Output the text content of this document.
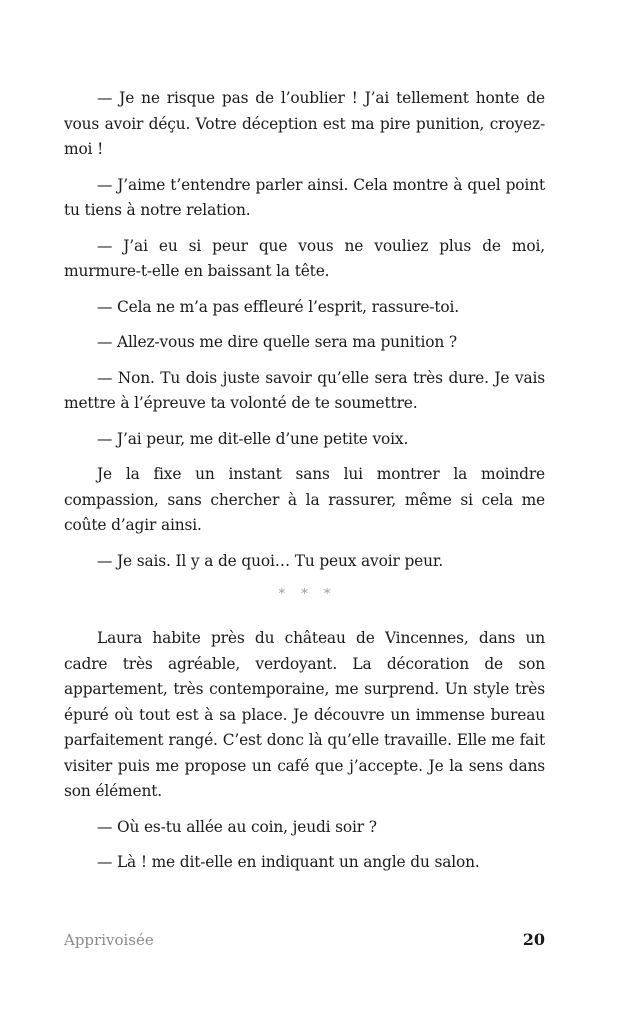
— Je ne risque pas de l’oublier ! J’ai tellement honte de vous avoir déçu. Votre déception est ma pire punition, croyez-moi !

— J’aime t’entendre parler ainsi. Cela montre à quel point tu tiens à notre relation.

— J’ai eu si peur que vous ne vouliez plus de moi, murmure-t-elle en baissant la tête.

— Cela ne m’a pas effleuré l’esprit, rassure-toi.

— Allez-vous me dire quelle sera ma punition ?

— Non. Tu dois juste savoir qu’elle sera très dure. Je vais mettre à l’épreuve ta volonté de te soumettre.

— J’ai peur, me dit-elle d’une petite voix.

Je la fixe un instant sans lui montrer la moindre compassion, sans chercher à la rassurer, même si cela me coûte d’agir ainsi.

— Je sais. Il y a de quoi… Tu peux avoir peur.

* * *

Laura habite près du château de Vincennes, dans un cadre très agréable, verdoyant. La décoration de son appartement, très contemporaine, me surprend. Un style très épuré où tout est à sa place. Je découvre un immense bureau parfaitement rangé. C’est donc là qu’elle travaille. Elle me fait visiter puis me propose un café que j’accepte. Je la sens dans son élément.

— Où es-tu allée au coin, jeudi soir ?

— Là ! me dit-elle en indiquant un angle du salon.

Apprivoisée	20
